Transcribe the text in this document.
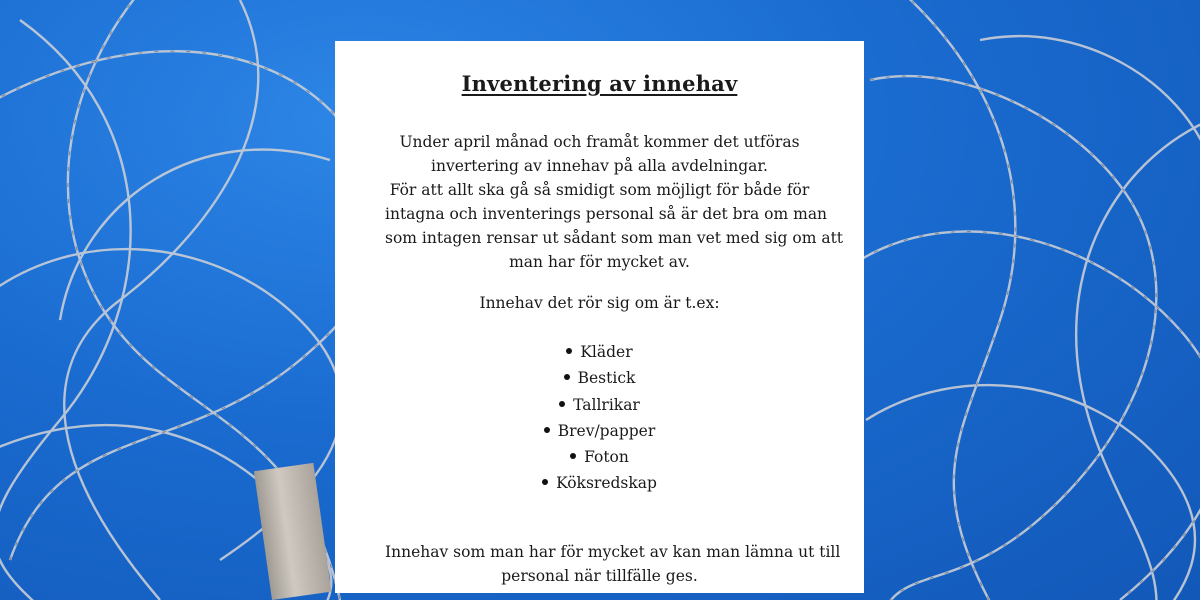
Inventering av innehav

Under april månad och framåt kommer det utföras
invertering av innehav på alla avdelningar.
För att allt ska gå så smidigt som möjligt för både för
intagna och inventerings personal så är det bra om man
som intagen rensar ut sådant som man vet med sig om att
man har för mycket av.

Innehav det rör sig om är t.ex:

Kläder
Bestick
Tallrikar
Brev/papper
Foton
Köksredskap

Innehav som man har för mycket av kan man lämna ut till
personal när tillfälle ges.
